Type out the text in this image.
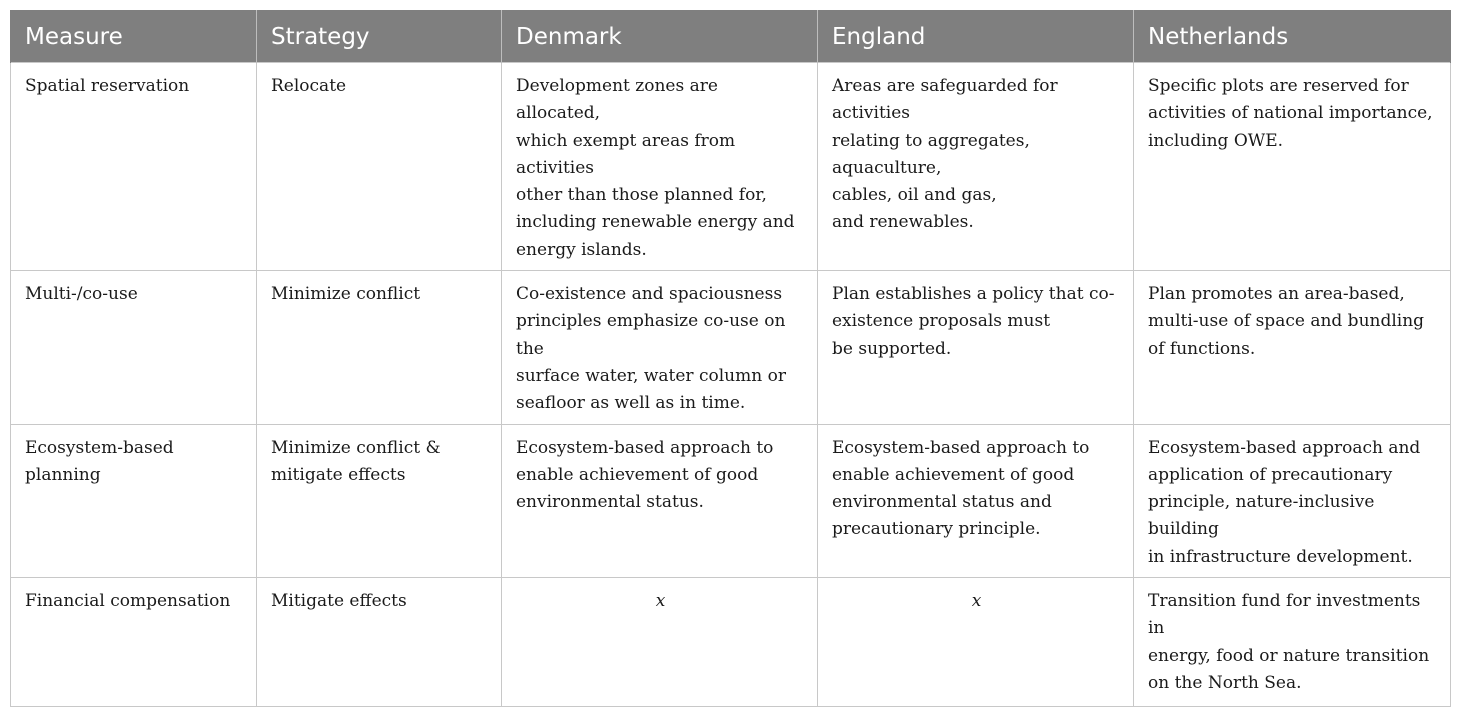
Measure	Strategy	Denmark	England	Netherlands
Spatial reservation	Relocate	Development zones are allocated,
which exempt areas from activities
other than those planned for,
including renewable energy and
energy islands.	Areas are safeguarded for activities
relating to aggregates, aquaculture,
cables, oil and gas,
and renewables.	Specific plots are reserved for
activities of national importance,
including OWE.
Multi-/co-use	Minimize conflict	Co-existence and spaciousness
principles emphasize co-use on the
surface water, water column or
seafloor as well as in time.	Plan establishes a policy that co-
existence proposals must
be supported.	Plan promotes an area-based,
multi-use of space and bundling
of functions.
Ecosystem-based planning	Minimize conflict &
mitigate effects	Ecosystem-based approach to
enable achievement of good
environmental status.	Ecosystem-based approach to
enable achievement of good
environmental status and
precautionary principle.	Ecosystem-based approach and
application of precautionary
principle, nature-inclusive building
in infrastructure development.
Financial compensation	Mitigate effects	x	x	Transition fund for investments in
energy, food or nature transition
on the North Sea.
